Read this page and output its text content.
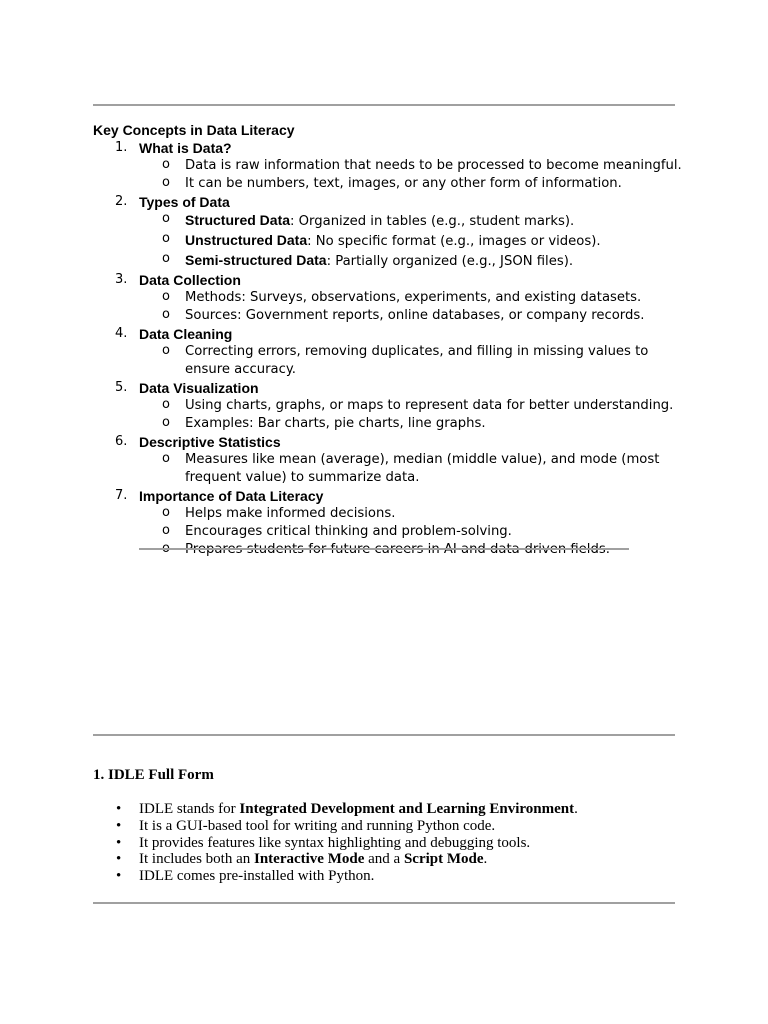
Key Concepts in Data Literacy
1. What is Data?
o Data is raw information that needs to be processed to become meaningful.
o It can be numbers, text, images, or any other form of information.
2. Types of Data
o Structured Data: Organized in tables (e.g., student marks).
o Unstructured Data: No specific format (e.g., images or videos).
o Semi-structured Data: Partially organized (e.g., JSON files).
3. Data Collection
o Methods: Surveys, observations, experiments, and existing datasets.
o Sources: Government reports, online databases, or company records.
4. Data Cleaning
o Correcting errors, removing duplicates, and filling in missing values to ensure accuracy.
5. Data Visualization
o Using charts, graphs, or maps to represent data for better understanding.
o Examples: Bar charts, pie charts, line graphs.
6. Descriptive Statistics
o Measures like mean (average), median (middle value), and mode (most frequent value) to summarize data.
7. Importance of Data Literacy
o Helps make informed decisions.
o Encourages critical thinking and problem-solving.
1. IDLE Full Form
• IDLE stands for Integrated Development and Learning Environment.
• It is a GUI-based tool for writing and running Python code.
• It provides features like syntax highlighting and debugging tools.
• It includes both an Interactive Mode and a Script Mode.
• IDLE comes pre-installed with Python.
